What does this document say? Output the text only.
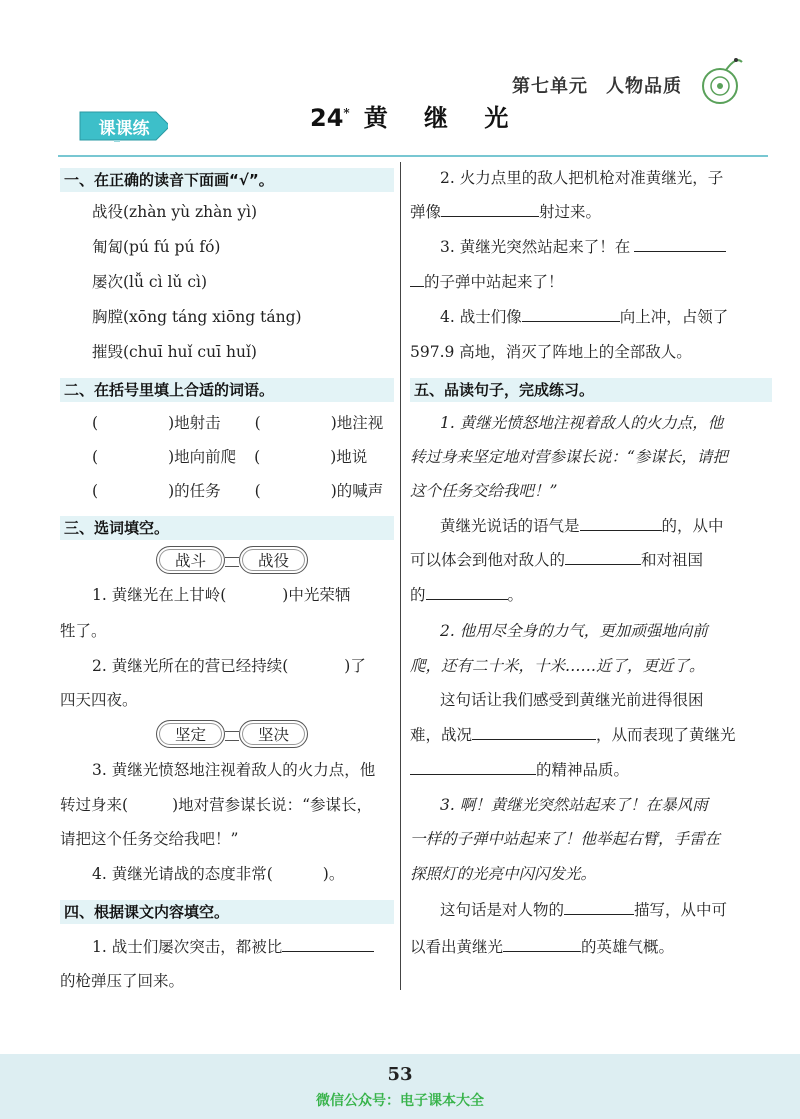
第七单元 人物品质
课课练	24* 黄 继 光
一、在正确的读音下面画“√”。
战役(zhàn yù zhàn yì)
匍匐(pú fú pú fó)
屡次(lǚ cì lǔ cì)
胸膛(xōng táng xiōng táng)
摧毁(chuī huǐ cuī huǐ)
二、在括号里填上合适的词语。
(	)地射击 (	)地注视
(	)地向前爬 (	)地说
(	)的任务 (	)的喊声
三、选词填空。
战斗	战役
1. 黄继光在上甘岭(	)中光荣牺
牲了。
2. 黄继光所在的营已经持续(	)了
四天四夜。
坚定	坚决
3. 黄继光愤怒地注视着敌人的火力点，他
转过身来(	)地对营参谋长说：“参谋长，
请把这个任务交给我吧！”
4. 黄继光请战的态度非常(	)。
四、根据课文内容填空。
1. 战士们屡次突击，都被比
的枪弹压了回来。
2. 火力点里的敌人把机枪对准黄继光，子
弹像	射过来。
3. 黄继光突然站起来了！在
的子弹中站起来了！
4. 战士们像	向上冲，占领了
597.9 高地，消灭了阵地上的全部敌人。
五、品读句子，完成练习。
1. 黄继光愤怒地注视着敌人的火力点，他
转过身来坚定地对营参谋长说：“参谋长，请把
这个任务交给我吧！”
黄继光说话的语气是	的，从中
可以体会到他对敌人的	和对祖国
的	。
2. 他用尽全身的力气，更加顽强地向前
爬，还有二十米，十米……近了，更近了。
这句话让我们感受到黄继光前进得很困
难，战况	，从而表现了黄继光
的精神品质。
3. 啊！黄继光突然站起来了！在暴风雨
一样的子弹中站起来了！他举起右臂，手雷在
探照灯的光亮中闪闪发光。
这句话是对人物的	描写，从中可
以看出黄继光	的英雄气概。
53
微信公众号：电子课本大全
